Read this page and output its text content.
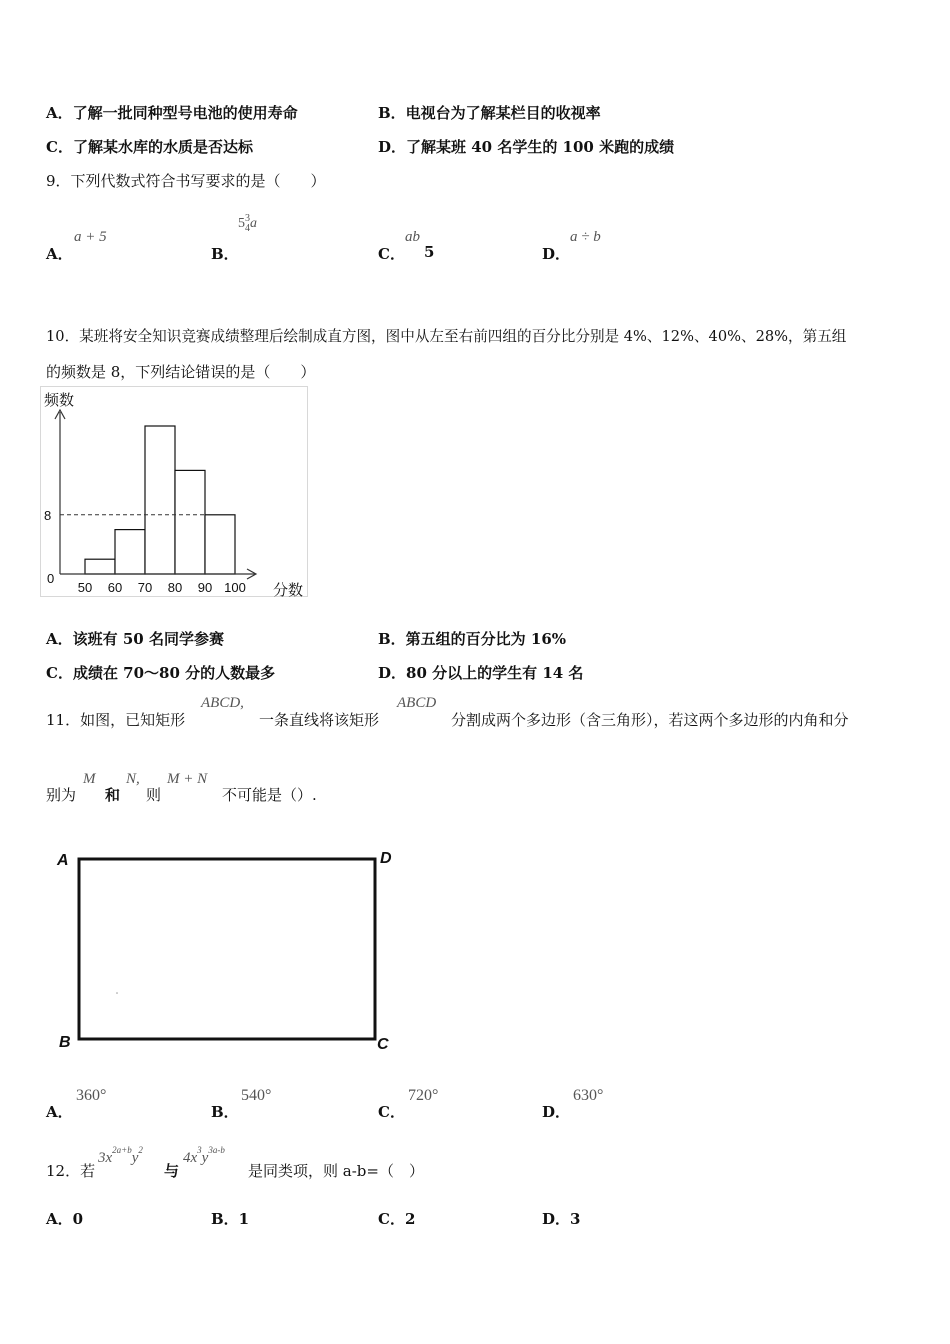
A．了解一批同种型号电池的使用寿命	B．电视台为了解某栏目的收视率
C．了解某水库的水质是否达标	D．了解某班 40 名学生的 100 米跑的成绩
9．下列代数式符合书写要求的是（　　）
A．
a + 5
B．
5 3
4 a
C．
ab
5	D．
a ÷ b
10．某班将安全知识竞赛成绩整理后绘制成直方图，图中从左至右前四组的百分比分别是 4%、12%、40%、28%，第五组
的频数是 8，下列结论错误的是（　　）
频数
分数
0
8
50 60 70 80 90 100
A．该班有 50 名同学参赛	B．第五组的百分比为 16%
C．成绩在 70～80 分的人数最多	D．80 分以上的学生有 14 名
11．如图，已知矩形
ABCD,
一条直线将该矩形
ABCD
分割成两个多边形（含三角形），若这两个多边形的内角和分
别为
M
和
N,
则
M + N
不可能是（）.
A	D
B	C
A．
360°
B．
540°
C．
720°
D．
630°
12．若
$3x^{2a+b}y^2$
与
$4x^3y^{3a-b}$
是同类项，则 a-b=（　）
A．0	B．1	C．2	D．3
